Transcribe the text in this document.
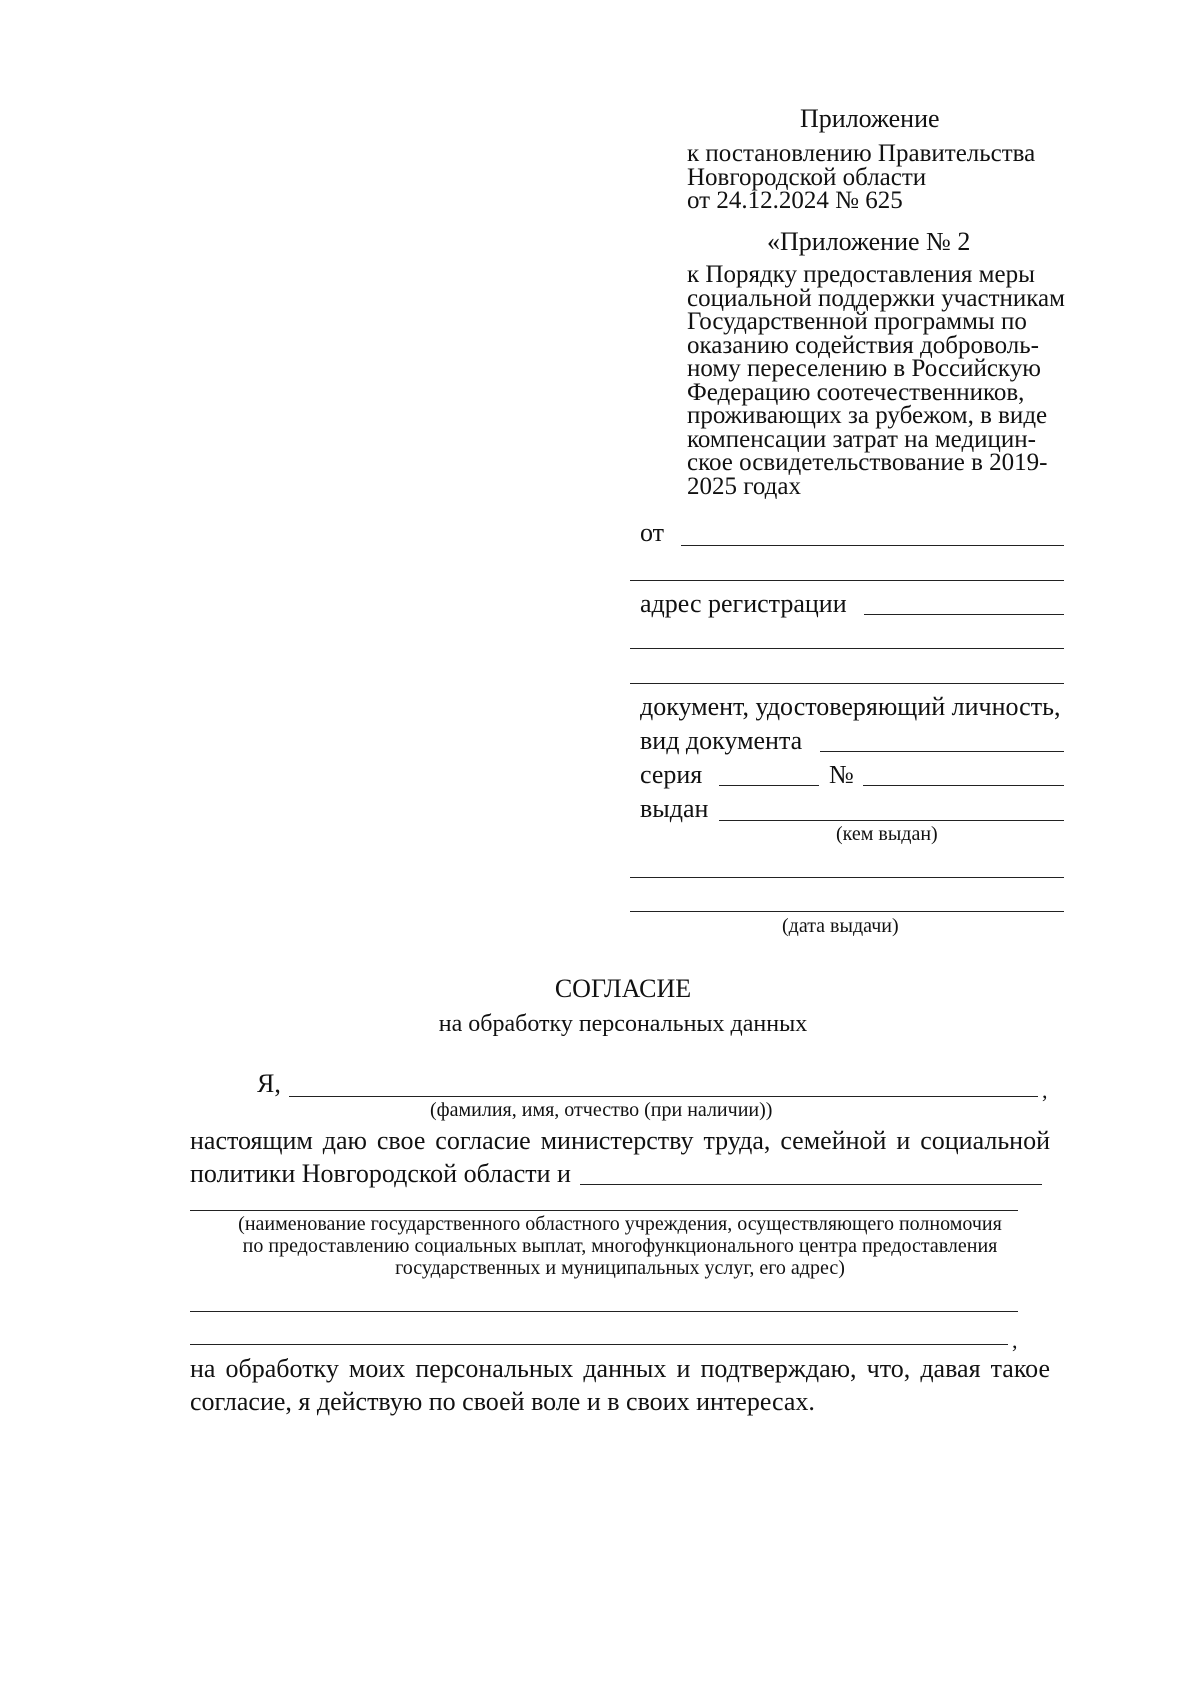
Приложение
к постановлению Правительства
Новгородской области
от 24.12.2024 № 625
«Приложение № 2
к Порядку предоставления меры
социальной поддержки участникам
Государственной программы по
оказанию содействия доброволь-
ному переселению в Российскую
Федерацию соотечественников,
проживающих за рубежом, в виде
компенсации затрат на медицин-
ское освидетельствование в 2019-
2025 годах
от
адрес регистрации
документ, удостоверяющий личность,
вид документа
серия	№
выдан
(кем выдан)
(дата выдачи)
СОГЛАСИЕ
на обработку персональных данных
Я,	,
(фамилия, имя, отчество (при наличии))
настоящим даю свое согласие министерству труда, семейной и социальной
политики Новгородской области и
(наименование государственного областного учреждения, осуществляющего полномочия
по предоставлению социальных выплат, многофункционального центра предоставления
государственных и муниципальных услуг, его адрес)
,
на обработку моих персональных данных и подтверждаю, что, давая такое
согласие, я действую по своей воле и в своих интересах.
